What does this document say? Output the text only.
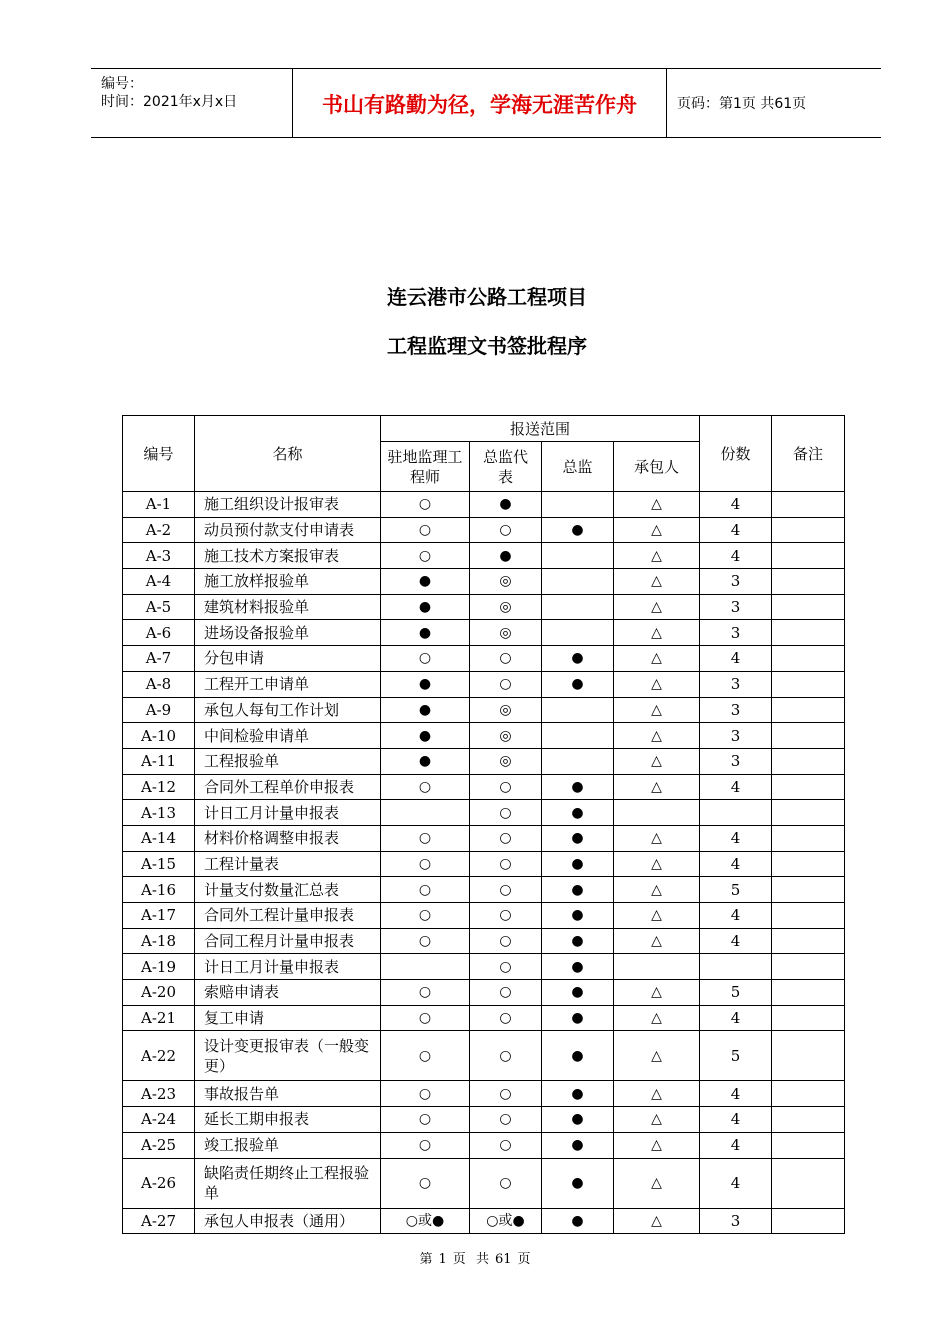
编号：
时间：2021年x月x日	书山有路勤为径，学海无涯苦作舟	页码：第1页 共61页
连云港市公路工程项目
工程监理文书签批程序
编号	名称	报送范围				份数	备注
		驻地监理工程师	总监代表	总监	承包人		
A-1	施工组织设计报审表	○	●		△	4	
A-2	动员预付款支付申请表	○	○	●	△	4	
A-3	施工技术方案报审表	○	●		△	4	
A-4	施工放样报验单	●	◎		△	3	
A-5	建筑材料报验单	●	◎		△	3	
A-6	进场设备报验单	●	◎		△	3	
A-7	分包申请	○	○	●	△	4	
A-8	工程开工申请单	●	○	●	△	3	
A-9	承包人每旬工作计划	●	◎		△	3	
A-10	中间检验申请单	●	◎		△	3	
A-11	工程报验单	●	◎		△	3	
A-12	合同外工程单价申报表	○	○	●	△	4	
A-13	计日工月计量申报表		○	●			
A-14	材料价格调整申报表	○	○	●	△	4	
A-15	工程计量表	○	○	●	△	4	
A-16	计量支付数量汇总表	○	○	●	△	5	
A-17	合同外工程计量申报表	○	○	●	△	4	
A-18	合同工程月计量申报表	○	○	●	△	4	
A-19	计日工月计量申报表		○	●			
A-20	索赔申请表	○	○	●	△	5	
A-21	复工申请	○	○	●	△	4	
A-22	设计变更报审表（一般变更）	○	○	●	△	5	
A-23	事故报告单	○	○	●	△	4	
A-24	延长工期申报表	○	○	●	△	4	
A-25	竣工报验单	○	○	●	△	4	
A-26	缺陷责任期终止工程报验单	○	○	●	△	4	
A-27	承包人申报表（通用）	○或●	○或●	●	△	3	
第 1 页 共 61 页
